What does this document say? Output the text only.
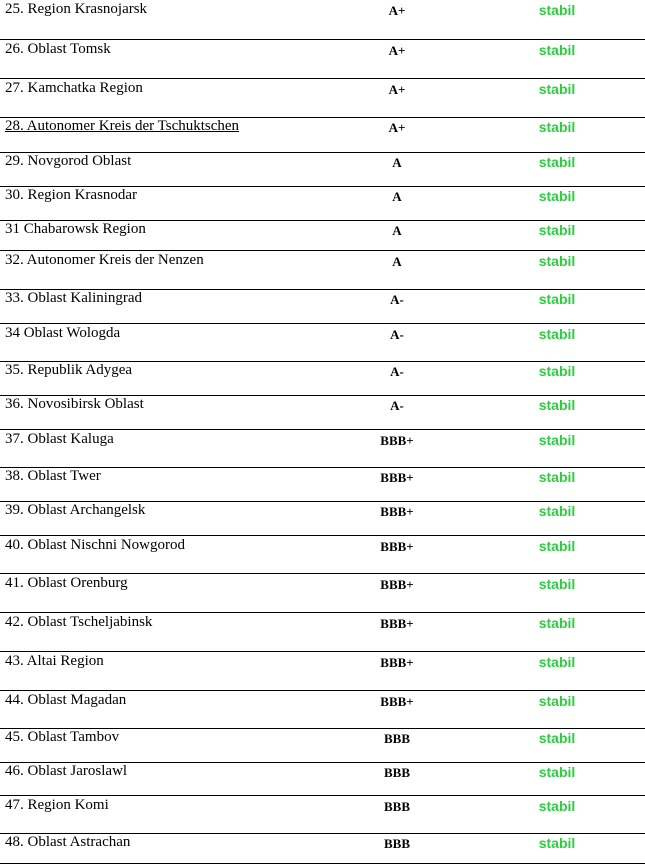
25. Region Krasnojarsk	A+	stabil
26. Oblast Tomsk	A+	stabil
27. Kamchatka Region	A+	stabil
28. Autonomer Kreis der Tschuktschen	A+	stabil
29. Novgorod Oblast	A	stabil
30. Region Krasnodar	A	stabil
31 Chabarowsk Region	A	stabil
32. Autonomer Kreis der Nenzen	A	stabil
33. Oblast Kaliningrad	A-	stabil
34 Oblast Wologda	A-	stabil
35. Republik Adygea	A-	stabil
36. Novosibirsk Oblast	A-	stabil
37. Oblast Kaluga	BBB+	stabil
38. Oblast Twer	BBB+	stabil
39. Oblast Archangelsk	BBB+	stabil
40. Oblast Nischni Nowgorod	BBB+	stabil
41. Oblast Orenburg	BBB+	stabil
42. Oblast Tscheljabinsk	BBB+	stabil
43. Altai Region	BBB+	stabil
44. Oblast Magadan	BBB+	stabil
45. Oblast Tambov	BBB	stabil
46. Oblast Jaroslawl	BBB	stabil
47. Region Komi	BBB	stabil
48. Oblast Astrachan	BBB	stabil
